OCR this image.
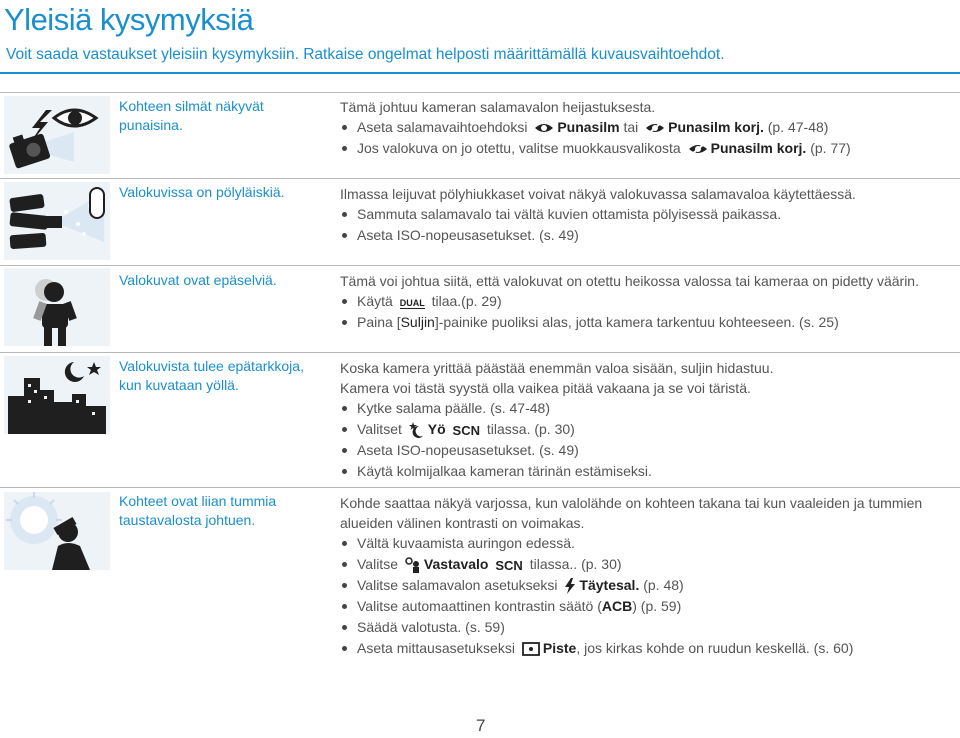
Yleisiä kysymyksiä
Voit saada vastaukset yleisiin kysymyksiin. Ratkaise ongelmat helposti määrittämällä kuvausvaihtoehdot.
Kohteen silmät näkyvät punaisina.

Tämä johtuu kameran salamavalon heijastuksesta.

Aseta salamavaihtoehdoksi Punasilm tai Punasilm korj. (p. 47-48)
Jos valokuva on jo otettu, valitse muokkausvalikosta Punasilm korj. (p. 77)
Valokuvissa on pölyläiskiä.	Ilmassa leijuvat pölyhiukkaset voivat näkyä valokuvassa salamavaloa käytettäessä.

Sammuta salamavalo tai vältä kuvien ottamista pölyisessä paikassa.
Aseta ISO-nopeusasetukset. (s. 49)
Valokuvat ovat epäselviä.	Tämä voi johtua siitä, että valokuvat on otettu heikossa valossa tai kameraa on pidetty väärin.

Käytä DUAL tilaa.(p. 29)
Paina [Suljin]-painike puoliksi alas, jotta kamera tarkentuu kohteeseen. (s. 25)
Valokuvista tulee epätarkkoja, kun kuvataan yöllä.

Koska kamera yrittää päästää enemmän valoa sisään, suljin hidastuu.

Kamera voi tästä syystä olla vaikea pitää vakaana ja se voi täristä.

Kytke salama päälle. (s. 47-48)
Valitset Yö SCN tilassa. (p. 30)
Aseta ISO-nopeusasetukset. (s. 49)
Käytä kolmijalkaa kameran tärinän estämiseksi.
Kohteet ovat liian tummia taustavalosta johtuen.

Kohde saattaa näkyä varjossa, kun valolähde on kohteen takana tai kun vaaleiden ja tummien alueiden välinen kontrasti on voimakas.

Vältä kuvaamista auringon edessä.
Valitse Vastavalo SCN tilassa.. (p. 30)
Valitse salamavalon asetukseksi Täytesal. (p. 48)
Valitse automaattinen kontrastin säätö (ACB) (p. 59)
Säädä valotusta. (s. 59)
Aseta mittausasetukseksi Piste, jos kirkas kohde on ruudun keskellä. (s. 60)
7
